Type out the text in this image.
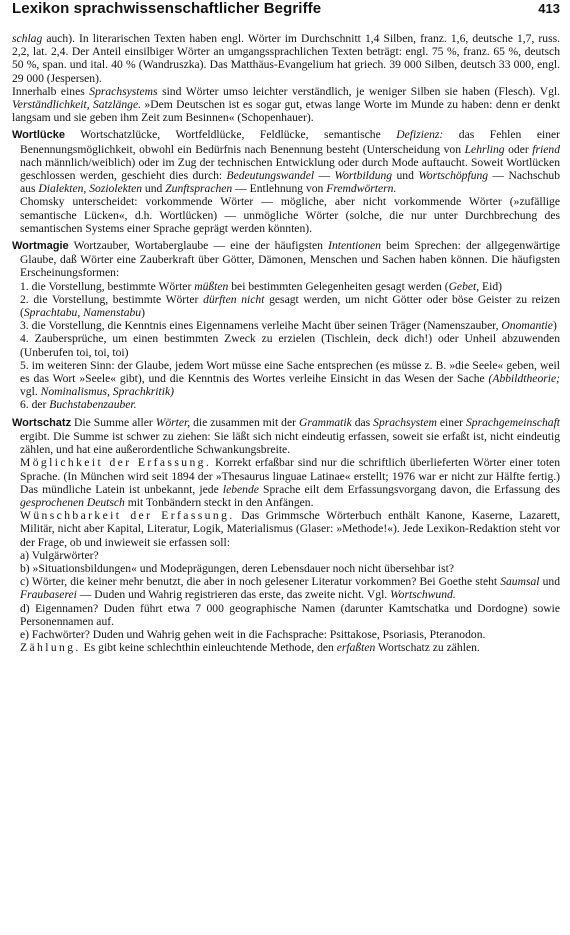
Lexikon sprachwissenschaftlicher Begriffe	413

schlag auch). In literarischen Texten haben engl. Wörter im Durchschnitt 1,4 Silben, franz. 1,6, deutsche 1,7, russ. 2,2, lat. 2,4. Der Anteil einsilbiger Wörter an umgangssprachlichen Texten beträgt: engl. 75 %, franz. 65 %, deutsch 50 %, span. und ital. 40 % (Wandruszka). Das Matthäus-Evangelium hat griech. 39 000 Silben, deutsch 33 000, engl. 29 000 (Jespersen).

Innerhalb eines Sprachsystems sind Wörter umso leichter verständlich, je weniger Silben sie haben (Flesch). Vgl. Verständlichkeit, Satzlänge. »Dem Deutschen ist es sogar gut, etwas lange Worte im Munde zu haben: denn er denkt langsam und sie geben ihm Zeit zum Besinnen« (Schopenhauer).

Wortlücke Wortschatzlücke, Wortfeldlücke, Feldlücke, semantische Defizienz: das Fehlen einer Benennungsmöglichkeit, obwohl ein Bedürfnis nach Benennung besteht (Unterscheidung von Lehrling oder friend nach männlich/weiblich) oder im Zug der technischen Entwicklung oder durch Mode auftaucht. Soweit Wortlücken geschlossen werden, geschieht dies durch: Bedeutungswandel — Wortbildung und Wortschöpfung — Nachschub aus Dialekten, Soziolekten und Zunftsprachen — Entlehnung von Fremdwörtern.

Chomsky unterscheidet: vorkommende Wörter — mögliche, aber nicht vorkommende Wörter (»zufällige semantische Lücken«, d.h. Wortlücken) — unmögliche Wörter (solche, die nur unter Durchbrechung des semantischen Systems einer Sprache geprägt werden könnten).

Wortmagie Wortzauber, Wortaberglaube — eine der häufigsten Intentionen beim Sprechen: der allgegenwärtige Glaube, daß Wörter eine Zauberkraft über Götter, Dämonen, Menschen und Sachen haben können. Die häufigsten Erscheinungsformen:

1. die Vorstellung, bestimmte Wörter müßten bei bestimmten Gelegenheiten gesagt werden (Gebet, Eid)

2. die Vorstellung, bestimmte Wörter dürften nicht gesagt werden, um nicht Götter oder böse Geister zu reizen (Sprachtabu, Namenstabu)

3. die Vorstellung, die Kenntnis eines Eigennamens verleihe Macht über seinen Träger (Namenszauber, Onomantie)

4. Zaubersprüche, um einen bestimmten Zweck zu erzielen (Tischlein, deck dich!) oder Unheil abzuwenden (Unberufen toi, toi, toi)

5. im weiteren Sinn: der Glaube, jedem Wort müsse eine Sache entsprechen (es müsse z. B. »die Seele« geben, weil es das Wort »Seele« gibt), und die Kenntnis des Wortes verleihe Einsicht in das Wesen der Sache (Abbildtheorie; vgl. Nominalismus, Sprachkritik)

6. der Buchstabenzauber.

Wortschatz Die Summe aller Wörter, die zusammen mit der Grammatik das Sprachsystem einer Sprachgemeinschaft ergibt. Die Summe ist schwer zu ziehen: Sie läßt sich nicht eindeutig erfassen, soweit sie erfaßt ist, nicht eindeutig zählen, und hat eine außerordentliche Schwankungsbreite.

Möglichkeit der Erfassung. Korrekt erfaßbar sind nur die schriftlich überlieferten Wörter einer toten Sprache. (In München wird seit 1894 der »Thesaurus linguae Latinae« erstellt; 1976 war er nicht zur Hälfte fertig.) Das mündliche Latein ist unbekannt, jede lebende Sprache eilt dem Erfassungsvorgang davon, die Erfassung des gesprochenen Deutsch mit Tonbändern steckt in den Anfängen.

Wünschbarkeit der Erfassung. Das Grimmsche Wörterbuch enthält Kanone, Kaserne, Lazarett, Militär, nicht aber Kapital, Literatur, Logik, Materialismus (Glaser: »Methode!«). Jede Lexikon-Redaktion steht vor der Frage, ob und inwieweit sie erfassen soll:

a) Vulgärwörter?

b) »Situationsbildungen« und Modeprägungen, deren Lebensdauer noch nicht übersehbar ist?

c) Wörter, die keiner mehr benutzt, die aber in noch gelesener Literatur vorkommen? Bei Goethe steht Saumsal und Fraubaserei — Duden und Wahrig registrieren das erste, das zweite nicht. Vgl. Wortschwund.

d) Eigennamen? Duden führt etwa 7 000 geographische Namen (darunter Kamtschatka und Dordogne) sowie Personennamen auf.

e) Fachwörter? Duden und Wahrig gehen weit in die Fachsprache: Psittakose, Psoriasis, Pteranodon.

Zählung. Es gibt keine schlechthin einleuchtende Methode, den erfaßten Wortschatz zu zählen.
